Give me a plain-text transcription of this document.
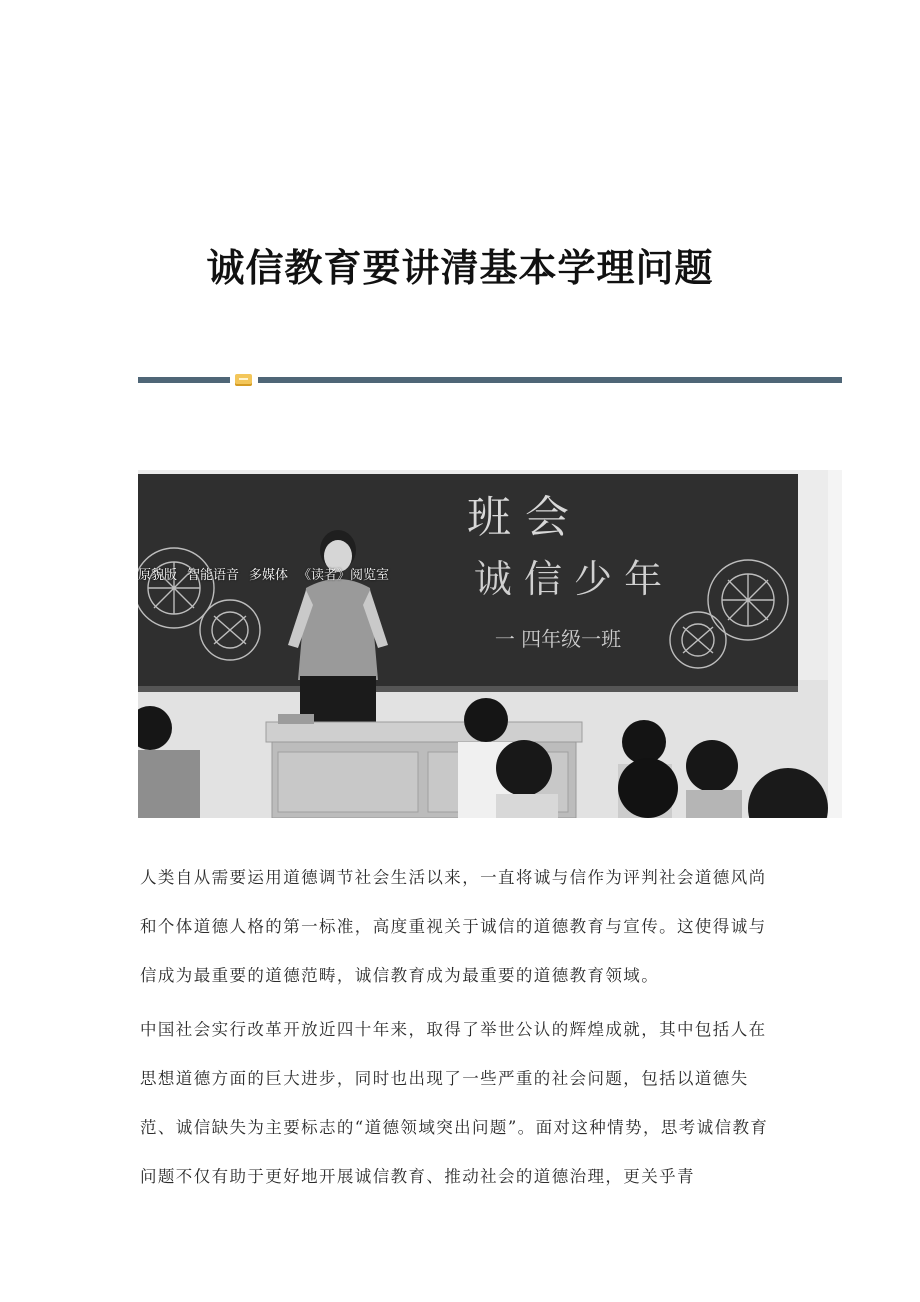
诚信教育要讲清基本学理问题
班 会
诚 信 少 年
一 四年级一班
原貌版 智能语音 多媒体 《读者》阅览室

人类自从需要运用道德调节社会生活以来，一直将诚与信作为评判社会道德风尚和个体道德人格的第一标准，高度重视关于诚信的道德教育与宣传。这使得诚与信成为最重要的道德范畴，诚信教育成为最重要的道德教育领域。

中国社会实行改革开放近四十年来，取得了举世公认的辉煌成就，其中包括人在思想道德方面的巨大进步，同时也出现了一些严重的社会问题，包括以道德失范、诚信缺失为主要标志的“道德领域突出问题”。面对这种情势，思考诚信教育问题不仅有助于更好地开展诚信教育、推动社会的道德治理，更关乎青
